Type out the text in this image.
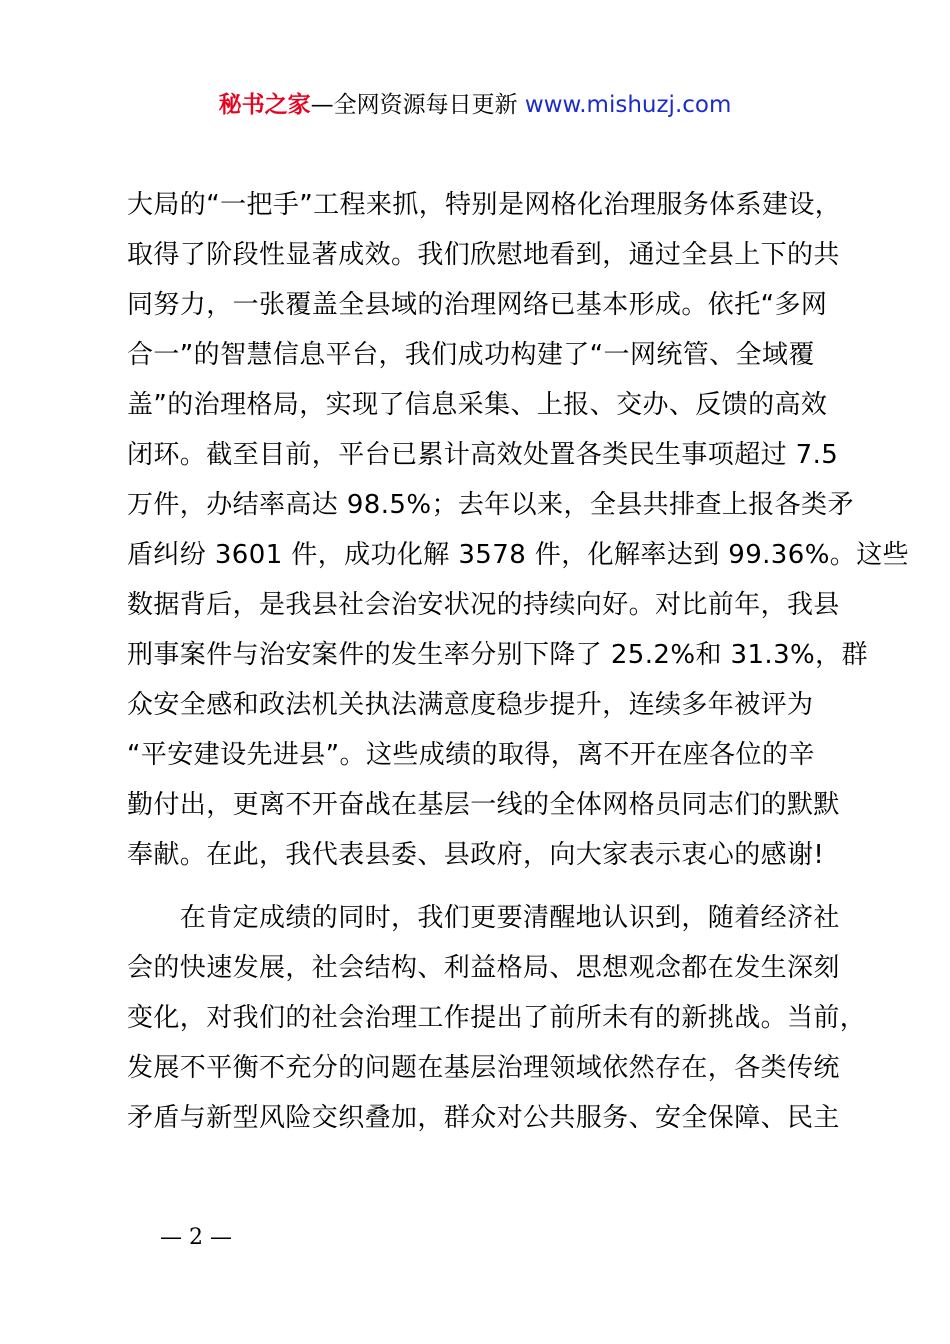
秘书之家—全网资源每日更新 www.mishuzj.com
大局的“一把手”工程来抓，特别是网格化治理服务体系建设，
取得了阶段性显著成效。我们欣慰地看到，通过全县上下的共
同努力，一张覆盖全县域的治理网络已基本形成。依托“多网
合一”的智慧信息平台，我们成功构建了“一网统管、全域覆
盖”的治理格局，实现了信息采集、上报、交办、反馈的高效
闭环。截至目前，平台已累计高效处置各类民生事项超过 7.5
万件，办结率高达 98.5%；去年以来，全县共排查上报各类矛
盾纠纷 3601 件，成功化解 3578 件，化解率达到 99.36%。这些
数据背后，是我县社会治安状况的持续向好。对比前年，我县
刑事案件与治安案件的发生率分别下降了 25.2%和 31.3%，群
众安全感和政法机关执法满意度稳步提升，连续多年被评为
“平安建设先进县”。这些成绩的取得，离不开在座各位的辛
勤付出，更离不开奋战在基层一线的全体网格员同志们的默默
奉献。在此，我代表县委、县政府，向大家表示衷心的感谢!
　　在肯定成绩的同时，我们更要清醒地认识到，随着经济社
会的快速发展，社会结构、利益格局、思想观念都在发生深刻
变化，对我们的社会治理工作提出了前所未有的新挑战。当前，
发展不平衡不充分的问题在基层治理领域依然存在，各类传统
矛盾与新型风险交织叠加，群众对公共服务、安全保障、民主
— 2 —
